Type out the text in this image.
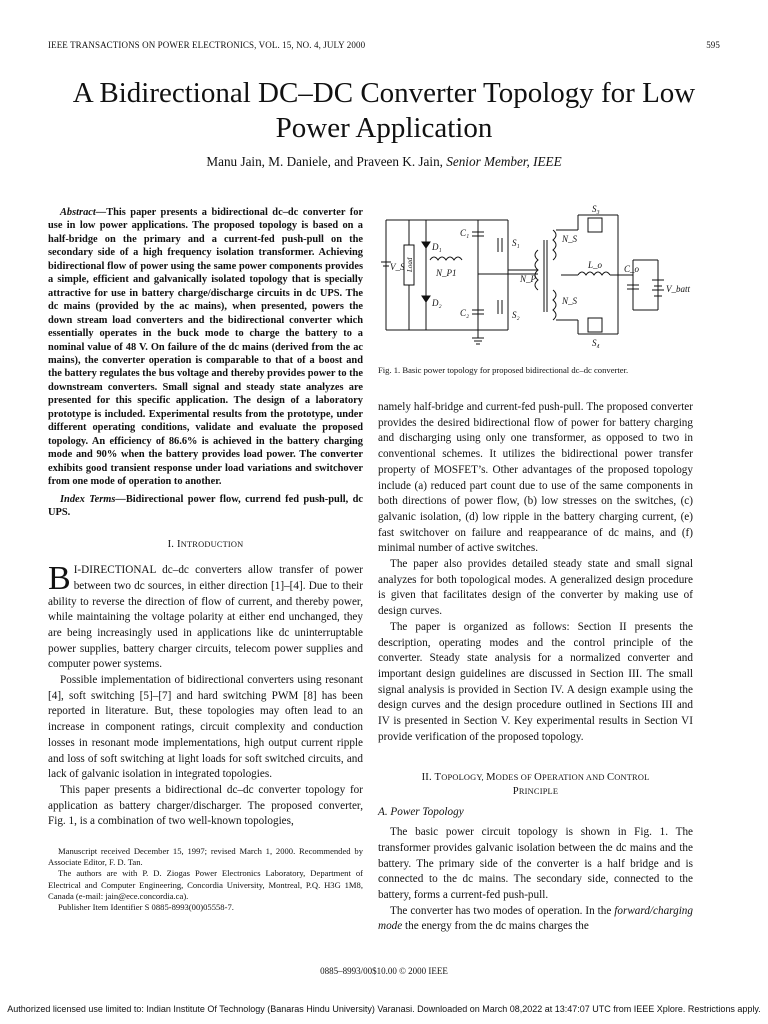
IEEE TRANSACTIONS ON POWER ELECTRONICS, VOL. 15, NO. 4, JULY 2000	595
A Bidirectional DC–DC Converter Topology for Low
Power Application
Manu Jain, M. Daniele, and Praveen K. Jain, Senior Member, IEEE

Abstract—This paper presents a bidirectional dc–dc converter for use in low power applications. The proposed topology is based on a half-bridge on the primary and a current-fed push-pull on the secondary side of a high frequency isolation transformer. Achieving bidirectional flow of power using the same power components provides a simple, efficient and galvanically isolated topology that is specially attractive for use in battery charge/discharge circuits in dc UPS. The dc mains (provided by the ac mains), when presented, powers the down stream load converters and the bidirectional converter which essentially operates in the buck mode to charge the battery to a nominal value of 48 V. On failure of the dc mains (derived from the ac mains), the converter operation is comparable to that of a boost and the battery regulates the bus voltage and thereby provides power to the downstream converters. Small signal and steady state analyzes are presented for this specific application. The design of a laboratory prototype is included. Experimental results from the prototype, under different operating conditions, validate and evaluate the proposed topology. An efficiency of 86.6% is achieved in the battery charging mode and 90% when the battery provides load power. The converter exhibits good transient response under load variations and switchover from one mode of operation to another.

Index Terms—Bidirectional power flow, currend fed push-pull, dc UPS.

I. INTRODUCTION

B I-DIRECTIONAL dc–dc converters allow transfer of power between two dc sources, in either direction [1]–[4]. Due to their ability to reverse the direction of flow of current, and thereby power, while maintaining the voltage polarity at either end unchanged, they are being increasingly used in applications like dc uninterruptable power supplies, battery charger circuits, telecom power supplies and computer power systems.

Possible implementation of bidirectional converters using resonant [4], soft switching [5]–[7] and hard switching PWM [8] has been reported in literature. But, these topologies may often lead to an increase in component ratings, circuit complexity and conduction losses in resonant mode implementations, high output current ripple and loss of soft switching at light loads for soft switched circuits, and lack of galvanic isolation in integrated topologies.

This paper presents a bidirectional dc–dc converter topology for application as battery charger/discharger. The proposed converter, Fig. 1, is a combination of two well-known topologies,

Manuscript received December 15, 1997; revised March 1, 2000. Recommended by Associate Editor, F. D. Tan.

The authors are with P. D. Ziogas Power Electronics Laboratory, Department of Electrical and Computer Engineering, Concordia University, Montreal, P.Q. H3G 1M8, Canada (e-mail: jain@ece.concordia.ca).

Publisher Item Identifier S 0885-8993(00)05558-7.

S₃
C₁
D₁	S₁	N_S
V_S Load
N_P1
N_P
L_o C_o
V_batt
N_S
D₂
C₂	S₂
S₄
Fig. 1. Basic power topology for proposed bidirectional dc–dc converter.

namely half-bridge and current-fed push-pull. The proposed converter provides the desired bidirectional flow of power for battery charging and discharging using only one transformer, as opposed to two in conventional schemes. It utilizes the bidirectional power transfer property of MOSFET’s. Other advantages of the proposed topology include (a) reduced part count due to use of the same components in both directions of power flow, (b) low stresses on the switches, (c) galvanic isolation, (d) low ripple in the battery charging current, (e) fast switchover on failure and reappearance of dc mains, and (f) minimal number of active switches.

The paper also provides detailed steady state and small signal analyzes for both topological modes. A generalized design procedure is given that facilitates design of the converter by making use of design curves.

The paper is organized as follows: Section II presents the description, operating modes and the control principle of the converter. Steady state analysis for a normalized converter and important design guidelines are discussed in Section III. The small signal analysis is provided in Section IV. A design example using the design curves and the design procedure outlined in Sections III and IV is presented in Section V. Key experimental results in Section VI provide verification of the proposed topology.

II. TOPOLOGY, MODES OF OPERATION AND CONTROL
PRINCIPLE

A. Power Topology

The basic power circuit topology is shown in Fig. 1. The transformer provides galvanic isolation between the dc mains and the battery. The primary side of the converter is a half bridge and is connected to the dc mains. The secondary side, connected to the battery, forms a current-fed push-pull.

The converter has two modes of operation. In the forward/charging mode the energy from the dc mains charges the

0885–8993/00$10.00 © 2000 IEEE
Authorized licensed use limited to: Indian Institute Of Technology (Banaras Hindu University) Varanasi. Downloaded on March 08,2022 at 13:47:07 UTC from IEEE Xplore. Restrictions apply.
